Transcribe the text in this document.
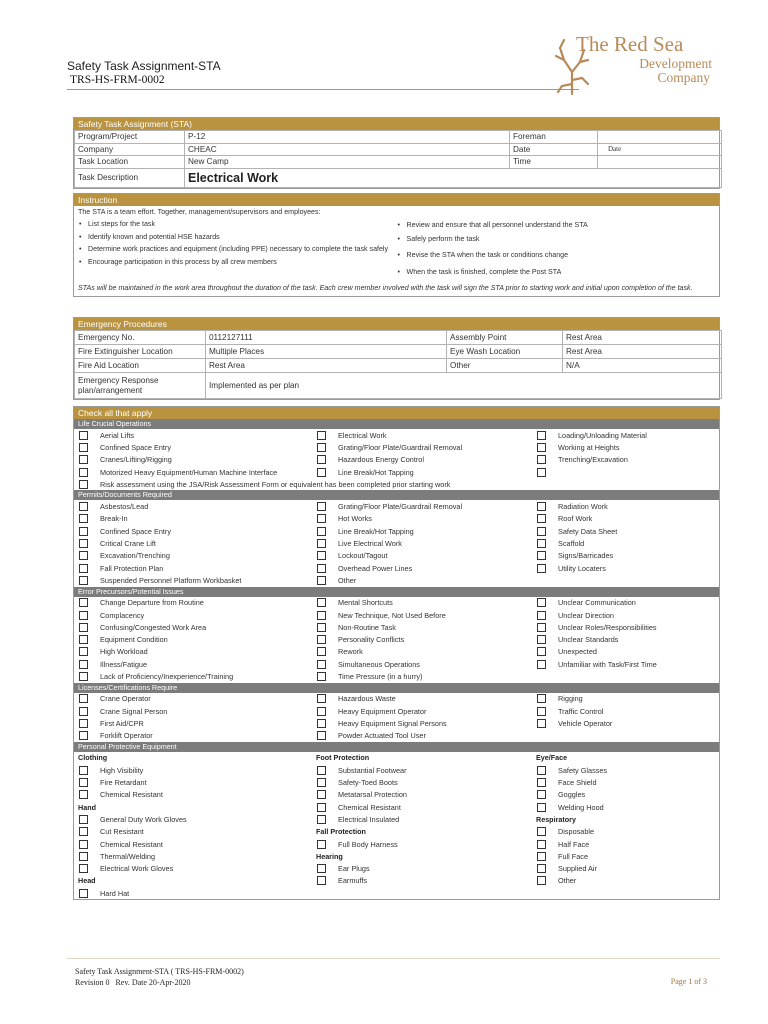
Safety Task Assignment-STA
TRS-HS-FRM-0002
The Red Sea
Development
Company
Safety Task Assignment (STA)
Program/Project	P-12	Foreman	
Company	CHEAC	Date	Date
Task Location	New Camp	Time	
Task Description	Electrical Work		
Instruction
The STA is a team effort. Together, management/supervisors and employees:
• List steps for the task
• Identify known and potential HSE hazards
• Determine work practices and equipment (including PPE) necessary to complete the task safely
• Encourage participation in this process by all crew members
• Review and ensure that all personnel understand the STA
• Safely perform the task
• Revise the STA when the task or conditions change
• When the task is finished, complete the Post STA
STAs will be maintained in the work area throughout the duration of the task. Each crew member involved with the task will sign the STA prior to starting work and initial upon completion of the task.
Emergency Procedures
Emergency No.	0112127111	Assembly Point	Rest Area
Fire Extinguisher Location	Multiple Places	Eye Wash Location	Rest Area
Fire Aid Location	Rest Area	Other	N/A

Emergency Response
plan/arrangement	Implemented as per plan		
Check all that apply
Life Crucial Operations
Aerial Lifts	Electrical Work	Loading/Unloading Material
Confined Space Entry	Grating/Floor Plate/Guardrail Removal	Working at Heights
Cranes/Lifting/Rigging	Hazardous Energy Control	Trenching/Excavation
Motorized Heavy Equipment/Human Machine Interface	Line Break/Hot Tapping
Risk assessment using the JSA/Risk Assessment Form or equivalent has been completed prior starting work
Permits/Documents Required
Asbestos/Lead	Grating/Floor Plate/Guardrail Removal	Radiation Work
Break-In	Hot Works	Roof Work
Confined Space Entry	Line Break/Hot Tapping	Safety Data Sheet
Critical Crane Lift	Live Electrical Work	Scaffold
Excavation/Trenching	Lockout/Tagout	Signs/Barricades
Fall Protection Plan	Overhead Power Lines	Utility Locaters
Suspended Personnel Platform Workbasket	Other
Error Precursors/Potential Issues
Change Departure from Routine	Mental Shortcuts	Unclear Communication
Complacency	New Technique, Not Used Before	Unclear Direction
Confusing/Congested Work Area	Non-Routine Task	Unclear Roles/Responsibilities
Equipment Condition	Personality Conflicts	Unclear Standards
High Workload	Rework	Unexpected
Illness/Fatigue	Simultaneous Operations	Unfamiliar with Task/First Time
Lack of Proficiency/Inexperience/Training	Time Pressure (in a hurry)
Licenses/Certifications Require
Crane Operator	Hazardous Waste	Rigging
Crane Signal Person	Heavy Equipment Operator	Traffic Control
First Aid/CPR	Heavy Equipment Signal Persons	Vehicle Operator
Forklift Operator	Powder Actuated Tool User
Personal Protective Equipment
Clothing	Foot Protection	Eye/Face
High Visibility	Substantial Footwear	Safety Glasses
Fire Retardant	Safety-Toed Boots	Face Shield
Chemical Resistant	Metatarsal Protection	Goggles
Hand	Chemical Resistant	Welding Hood
General Duty Work Gloves	Electrical Insulated	Respiratory
Cut Resistant	Fall Protection	Disposable
Chemical Resistant	Full Body Harness	Half Face
Thermal/Welding	Hearing	Full Face
Electrical Work Gloves	Ear Plugs	Supplied Air
Head	Earmuffs	Other
Hard Hat
Safety Task Assignment-STA ( TRS-HS-FRM-0002)
Revision 0   Rev. Date 20-Apr-2020	Page 1 of 3
